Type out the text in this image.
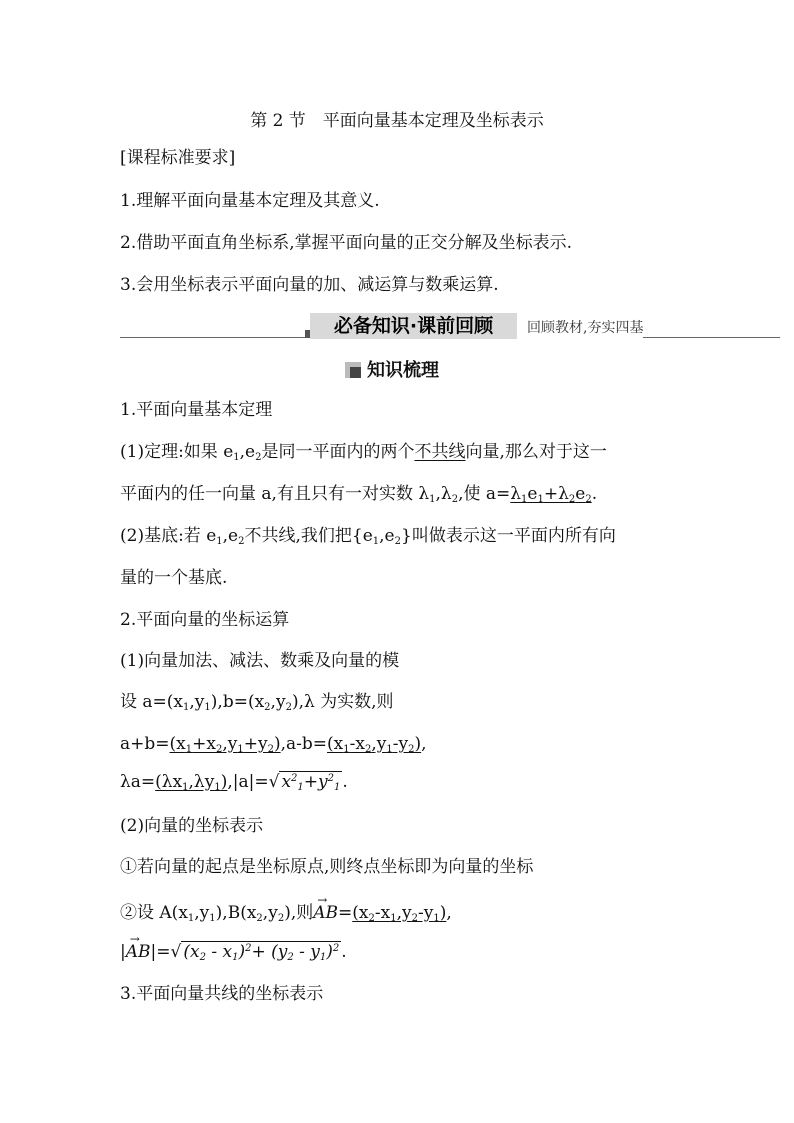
第 2 节　平面向量基本定理及坐标表示
[课程标准要求]
1.理解平面向量基本定理及其意义.
2.借助平面直角坐标系,掌握平面向量的正交分解及坐标表示.
3.会用坐标表示平面向量的加、减运算与数乘运算.
必备知识·课前回顾	回顾教材,夯实四基
知识梳理
1.平面向量基本定理
(1)定理:如果 $e_1,e_2$是同一平面内的两个不共线向量,那么对于这一
平面内的任一向量 a,有且只有一对实数 $\lambda_1,\lambda_2$,使 $a=\lambda_1e_1+\lambda_2e_2$.
(2)基底:若 $e_1,e_2$不共线,我们把$\{e_1,e_2\}$叫做表示这一平面内所有向
量的一个基底.
2.平面向量的坐标运算
(1)向量加法、减法、数乘及向量的模
设 $a=(x_1,y_1),b=(x_2,y_2),\lambda$ 为实数,则
$a+b=(x_1+x_2,y_1+y_2),a-b=(x_1-x_2,y_1-y_2)$,
$\lambda a=(\lambda x_1,\lambda y_1),|a|=√$ $x^2_1+y^2_1$ .
(2)向量的坐标表示
①若向量的起点是坐标原点,则终点坐标即为向量的坐标
②设 $A(x_1,y_1),B(x_2,y_2)$,则→ $AB=(x_2-x_1,y_2-y_1)$,
|→ AB|=√ $(x_2 - x_1)^2+ (y_2 - y_1)^2$ .
3.平面向量共线的坐标表示
